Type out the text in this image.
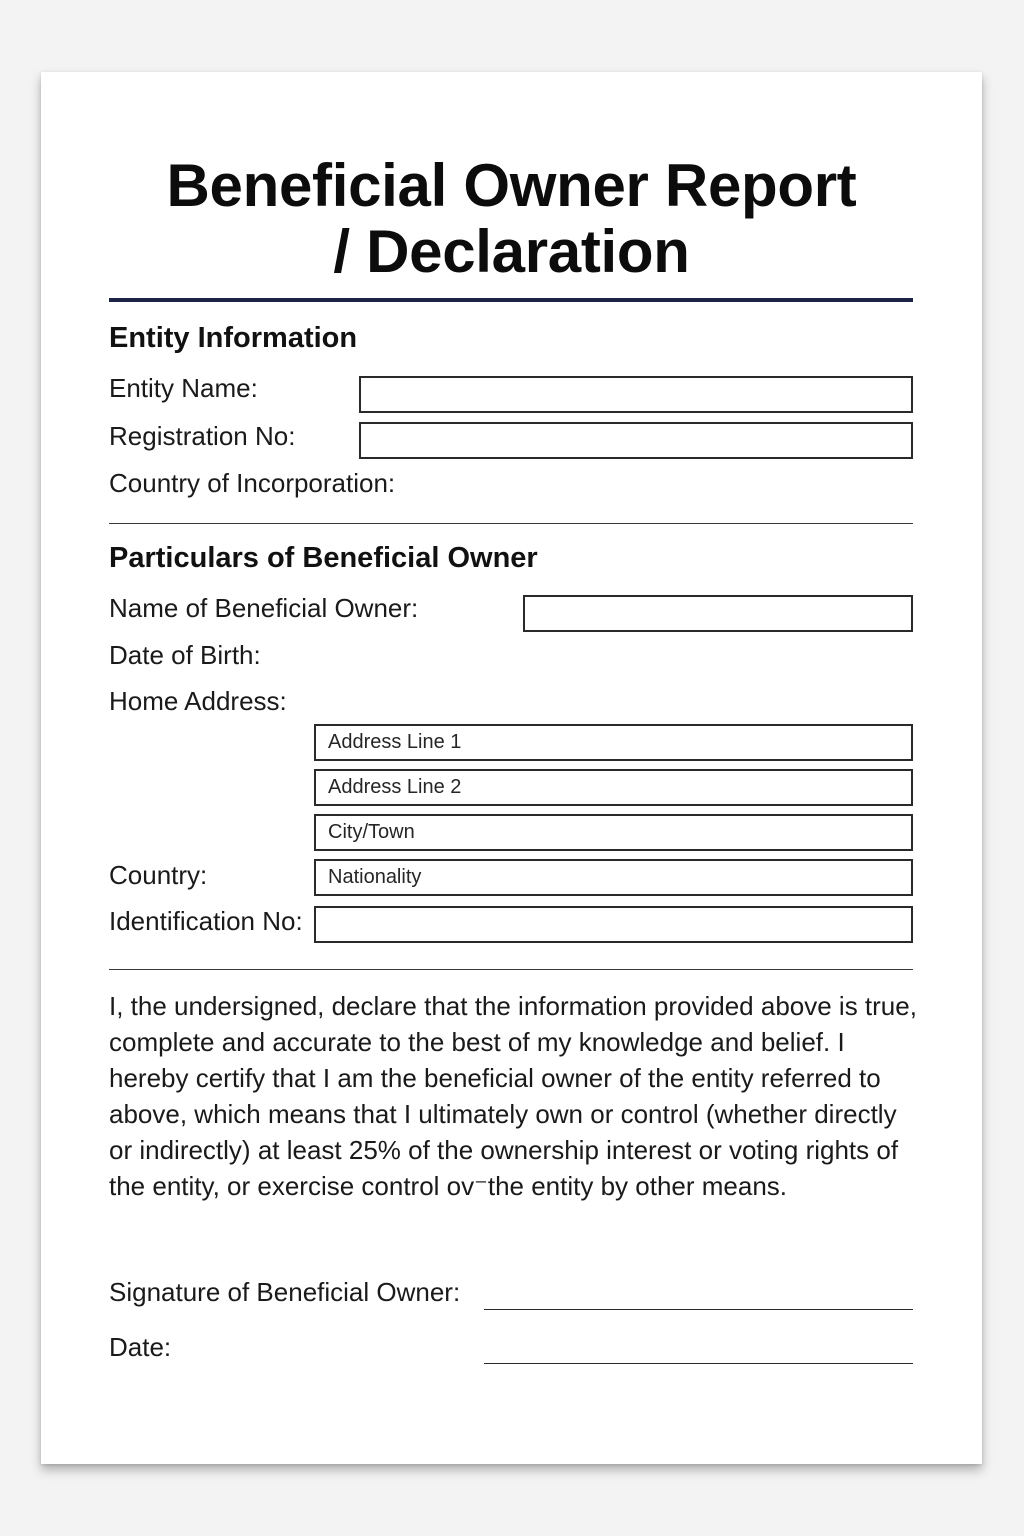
Beneficial Owner Report
/ Declaration
Entity Information
Entity Name:
Registration No:
Country of Incorporation:
Particulars of Beneficial Owner
Name of Beneficial Owner:
Date of Birth:
Home Address:
Address Line 1
Address Line 2
City/Town
Country:	Nationality
Identification No:
I, the undersigned, declare that the information provided above is true, complete and accurate to the best of my knowledge and belief. I hereby certify that I am the beneficial owner of the entity referred to above, which means that I ultimately own or control (whether directly or indirectly) at least 25% of the ownership interest or voting rights of the entity, or exercise control ov⁻the entity by other means.
Signature of Beneficial Owner:
Date:
